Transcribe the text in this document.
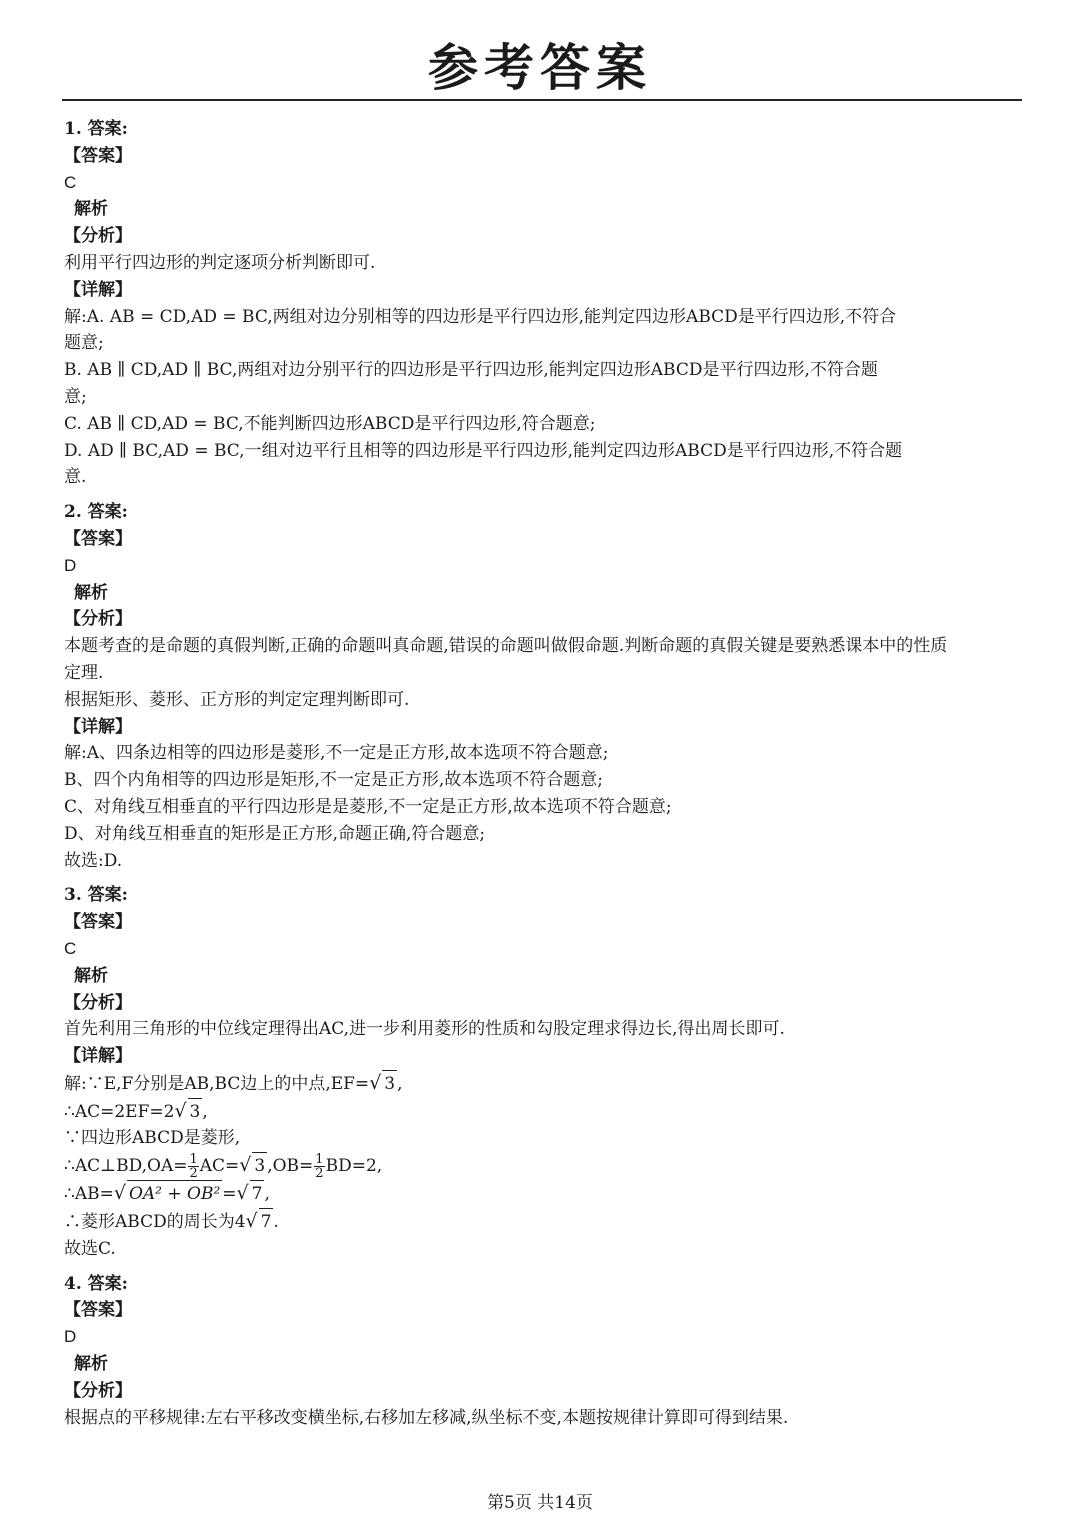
参考答案
1. 答案:
【答案】
C
解析
【分析】
利用平行四边形的判定逐项分析判断即可.
【详解】
解:A. AB = CD,AD = BC,两组对边分别相等的四边形是平行四边形,能判定四边形ABCD是平行四边形,不符合
题意;
B. AB ∥ CD,AD ∥ BC,两组对边分别平行的四边形是平行四边形,能判定四边形ABCD是平行四边形,不符合题
意;
C. AB ∥ CD,AD = BC,不能判断四边形ABCD是平行四边形,符合题意;
D. AD ∥ BC,AD = BC,一组对边平行且相等的四边形是平行四边形,能判定四边形ABCD是平行四边形,不符合题
意.
2. 答案:
【答案】
D
解析
【分析】
本题考查的是命题的真假判断,正确的命题叫真命题,错误的命题叫做假命题.判断命题的真假关键是要熟悉课本中的性质
定理.
根据矩形、菱形、正方形的判定定理判断即可.
【详解】
解:A、四条边相等的四边形是菱形,不一定是正方形,故本选项不符合题意;
B、四个内角相等的四边形是矩形,不一定是正方形,故本选项不符合题意;
C、对角线互相垂直的平行四边形是是菱形,不一定是正方形,故本选项不符合题意;
D、对角线互相垂直的矩形是正方形,命题正确,符合题意;
故选:D.
3. 答案:
【答案】
C
解析
【分析】
首先利用三角形的中位线定理得出AC,进一步利用菱形的性质和勾股定理求得边长,得出周长即可.
【详解】
解:∵E,F分别是AB,BC边上的中点,EF=√ 3 ,
∴AC=2EF=2√ 3 ,
∵四边形ABCD是菱形,
∴AC⊥BD,OA= $\frac{1}{2} AC=√$ 3 $,OB= \frac{1}{2} BD=2$,
∴AB=√ OA² + OB² =√ 7 ,
∴菱形ABCD的周长为4√ 7 .
故选C.
4. 答案:
【答案】
D
解析
【分析】
根据点的平移规律:左右平移改变横坐标,右移加左移减,纵坐标不变,本题按规律计算即可得到结果.
第5页 共14页
